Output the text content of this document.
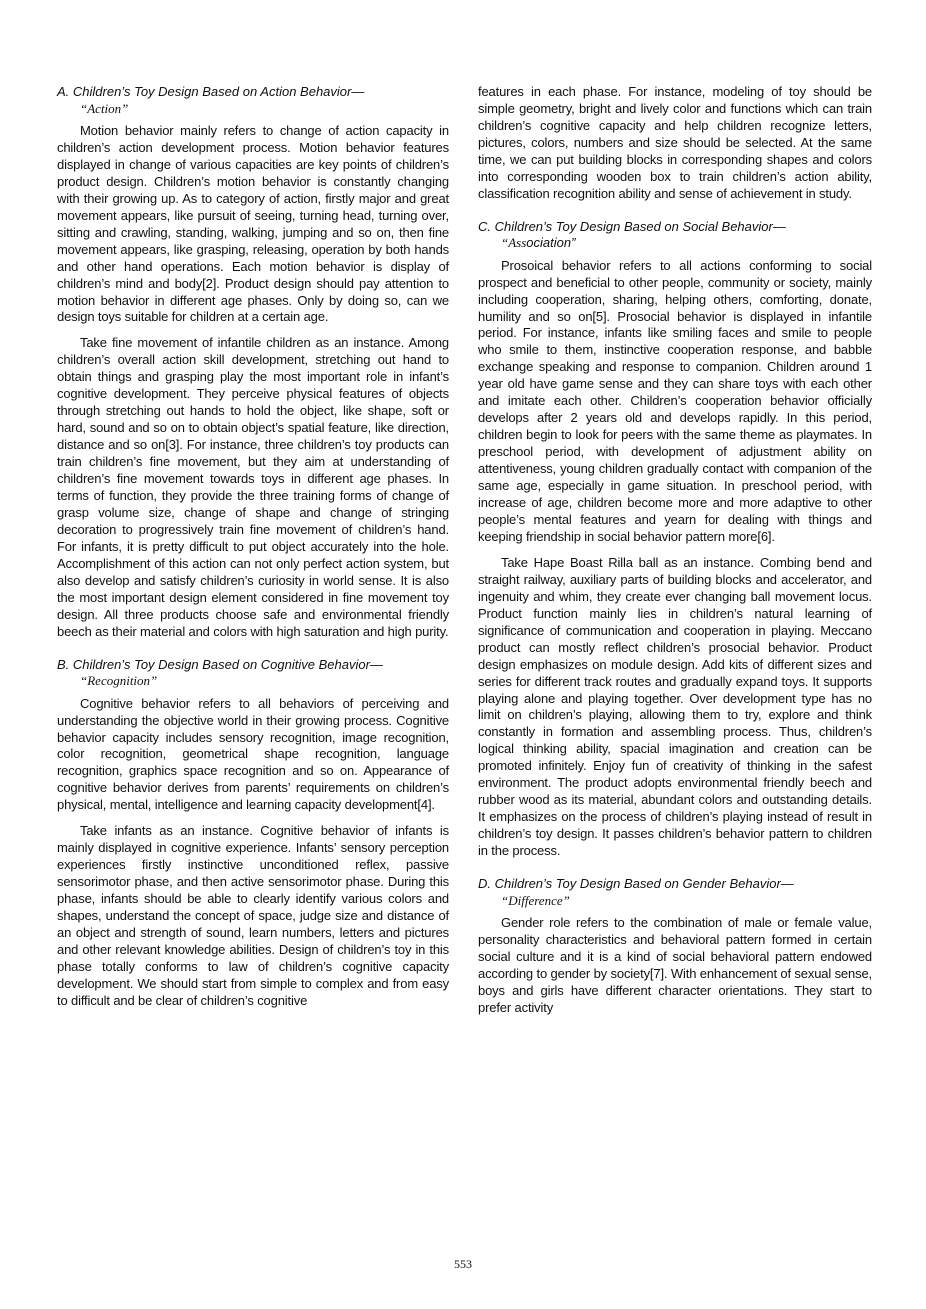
A. Children’s Toy Design Based on Action Behavior—
“Action”

Motion behavior mainly refers to change of action capacity in children’s action development process. Motion behavior features displayed in change of various capacities are key points of children’s product design. Children’s motion behavior is constantly changing with their growing up. As to category of action, firstly major and great movement appears, like pursuit of seeing, turning head, turning over, sitting and crawling, standing, walking, jumping and so on, then fine movement appears, like grasping, releasing, operation by both hands and other hand operations. Each motion behavior is display of children’s mind and body[2]. Product design should pay attention to motion behavior in different age phases. Only by doing so, can we design toys suitable for children at a certain age.

Take fine movement of infantile children as an instance. Among children’s overall action skill development, stretching out hand to obtain things and grasping play the most important role in infant’s cognitive development. They perceive physical features of objects through stretching out hands to hold the object, like shape, soft or hard, sound and so on to obtain object’s spatial feature, like direction, distance and so on[3]. For instance, three children’s toy products can train children’s fine movement, but they aim at understanding of children’s fine movement towards toys in different age phases. In terms of function, they provide the three training forms of change of grasp volume size, change of shape and change of stringing decoration to progressively train fine movement of children’s hand. For infants, it is pretty difficult to put object accurately into the hole. Accomplishment of this action can not only perfect action system, but also develop and satisfy children’s curiosity in world sense. It is also the most important design element considered in fine movement toy design. All three products choose safe and environmental friendly beech as their material and colors with high saturation and high purity.

B. Children’s Toy Design Based on Cognitive Behavior—
“Recognition”

Cognitive behavior refers to all behaviors of perceiving and understanding the objective world in their growing process. Cognitive behavior capacity includes sensory recognition, image recognition, color recognition, geometrical shape recognition, language recognition, graphics space recognition and so on. Appearance of cognitive behavior derives from parents’ requirements on children’s physical, mental, intelligence and learning capacity development[4].

Take infants as an instance. Cognitive behavior of infants is mainly displayed in cognitive experience. Infants’ sensory perception experiences firstly instinctive unconditioned reflex, passive sensorimotor phase, and then active sensorimotor phase. During this phase, infants should be able to clearly identify various colors and shapes, understand the concept of space, judge size and distance of an object and strength of sound, learn numbers, letters and pictures and other relevant knowledge abilities. Design of children’s toy in this phase totally conforms to law of children’s cognitive capacity development. We should start from simple to complex and from easy to difficult and be clear of children’s cognitive

features in each phase. For instance, modeling of toy should be simple geometry, bright and lively color and functions which can train children’s cognitive capacity and help children recognize letters, pictures, colors, numbers and size should be selected. At the same time, we can put building blocks in corresponding shapes and colors into corresponding wooden box to train children’s action ability, classification recognition ability and sense of achievement in study.

C. Children’s Toy Design Based on Social Behavior—
“Association”

Prosoical behavior refers to all actions conforming to social prospect and beneficial to other people, community or society, mainly including cooperation, sharing, helping others, comforting, donate, humility and so on[5]. Prosocial behavior is displayed in infantile period. For instance, infants like smiling faces and smile to people who smile to them, instinctive cooperation response, and babble exchange speaking and response to companion. Children around 1 year old have game sense and they can share toys with each other and imitate each other. Children’s cooperation behavior officially develops after 2 years old and develops rapidly. In this period, children begin to look for peers with the same theme as playmates. In preschool period, with development of adjustment ability on attentiveness, young children gradually contact with companion of the same age, especially in game situation. In preschool period, with increase of age, children become more and more adaptive to other people’s mental features and yearn for dealing with things and keeping friendship in social behavior pattern more[6].

Take Hape Boast Rilla ball as an instance. Combing bend and straight railway, auxiliary parts of building blocks and accelerator, and ingenuity and whim, they create ever changing ball movement locus. Product function mainly lies in children’s natural learning of significance of communication and cooperation in playing. Meccano product can mostly reflect children’s prosocial behavior. Product design emphasizes on module design. Add kits of different sizes and series for different track routes and gradually expand toys. It supports playing alone and playing together. Over development type has no limit on children’s playing, allowing them to try, explore and think constantly in formation and assembling process. Thus, children’s logical thinking ability, spacial imagination and creation can be promoted infinitely. Enjoy fun of creativity of thinking in the safest environment. The product adopts environmental friendly beech and rubber wood as its material, abundant colors and outstanding details. It emphasizes on the process of children’s playing instead of result in children’s toy design. It passes children’s behavior pattern to children in the process.

D. Children’s Toy Design Based on Gender Behavior—
“Difference”

Gender role refers to the combination of male or female value, personality characteristics and behavioral pattern formed in certain social culture and it is a kind of social behavioral pattern endowed according to gender by society[7]. With enhancement of sexual sense, boys and girls have different character orientations. They start to prefer activity

553
